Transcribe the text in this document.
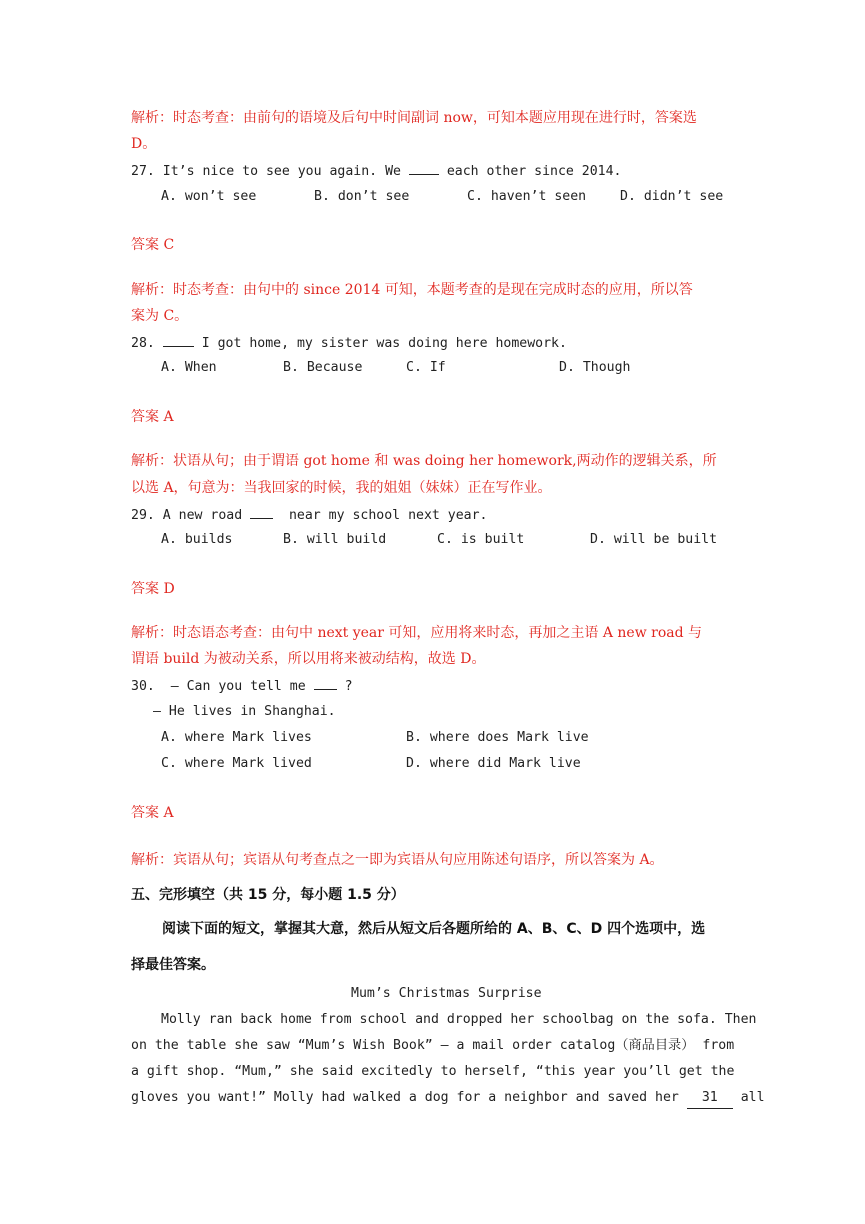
解析：时态考查：由前句的语境及后句中时间副词 now，可知本题应用现在进行时，答案选
D。
27. It’s nice to see you again. We  each other since 2014.
A. won’t see	B. don’t see	C. haven’t seen	D. didn’t see
答案 C
解析：时态考查：由句中的 since 2014 可知，本题考查的是现在完成时态的应用，所以答
案为 C。
28.  I got home, my sister was doing here homework.
A. When	B. Because	C. If	D. Though
答案 A
解析：状语从句；由于谓语 got home 和 was doing her homework,两动作的逻辑关系，所
以选 A，句意为：当我回家的时候，我的姐姐（妹妹）正在写作业。
29. A new road   near my school next year.
A. builds	B. will build	C. is built	D. will be built
答案 D
解析：时态语态考查：由句中 next year 可知，应用将来时态，再加之主语 A new road 与
谓语 build 为被动关系，所以用将来被动结构，故选 D。
30.  – Can you tell me  ?
– He lives in Shanghai.
A. where Mark lives	B. where does Mark live
C. where Mark lived	D. where did Mark live
答案 A
解析：宾语从句；宾语从句考查点之一即为宾语从句应用陈述句语序，所以答案为 A。
五、完形填空（共 15 分，每小题 1.5 分）
阅读下面的短文，掌握其大意，然后从短文后各题所给的 A、B、C、D 四个选项中，选
择最佳答案。
Mum’s Christmas Surprise
Molly ran back home from school and dropped her schoolbag on the sofa. Then
on the table she saw “Mum’s Wish Book” – a mail order catalog（商品目录） from
a gift shop. “Mum,” she said excitedly to herself, “this year you’ll get the
gloves you want!” Molly had walked a dog for a neighbor and saved her 31 all
